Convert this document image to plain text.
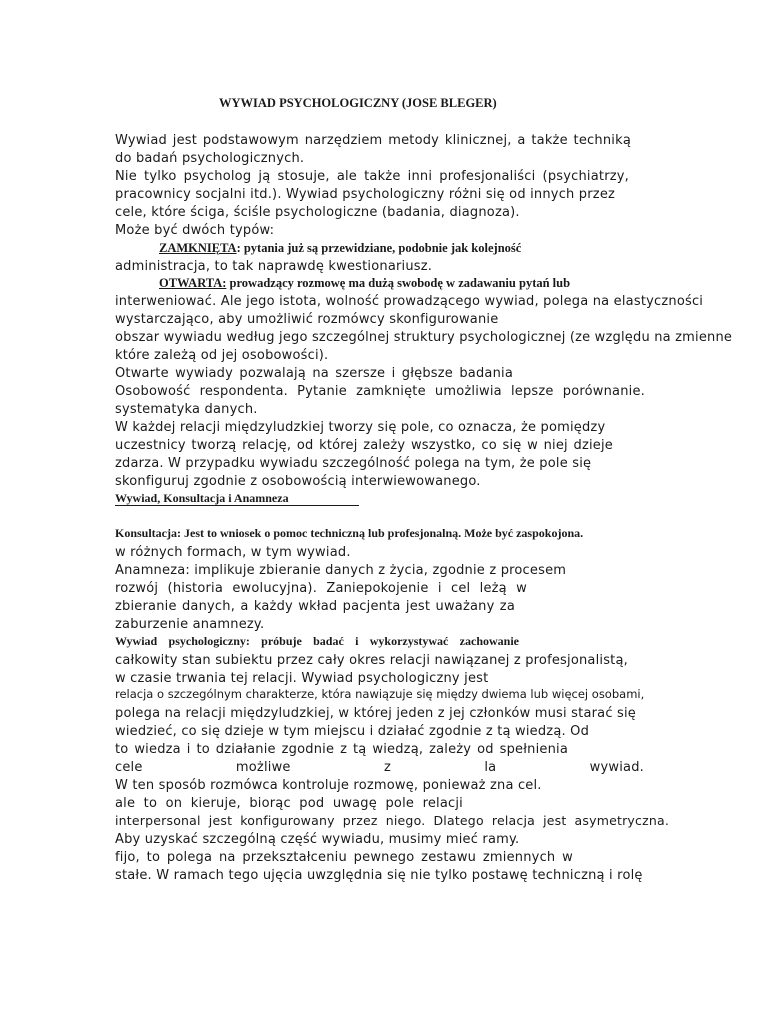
WYWIAD PSYCHOLOGICZNY (JOSE BLEGER)
Wywiad jest podstawowym narzędziem metody klinicznej, a także techniką
do badań psychologicznych.
Nie tylko psycholog ją stosuje, ale także inni profesjonaliści (psychiatrzy,
pracownicy socjalni itd.). Wywiad psychologiczny różni się od innych przez
cele, które ściga, ściśle psychologiczne (badania, diagnoza).
Może być dwóch typów:
ZAMKNIĘTA: pytania już są przewidziane, podobnie jak kolejność
administracja, to tak naprawdę kwestionariusz.
OTWARTA: prowadzący rozmowę ma dużą swobodę w zadawaniu pytań lub
interweniować. Ale jego istota, wolność prowadzącego wywiad, polega na elastyczności
wystarczająco, aby umożliwić rozmówcy skonfigurowanie
obszar wywiadu według jego szczególnej struktury psychologicznej (ze względu na zmienne
które zależą od jej osobowości).
Otwarte wywiady pozwalają na szersze i głębsze badania
Osobowość respondenta. Pytanie zamknięte umożliwia lepsze porównanie.
systematyka danych.
W każdej relacji międzyludzkiej tworzy się pole, co oznacza, że pomiędzy
uczestnicy tworzą relację, od której zależy wszystko, co się w niej dzieje
zdarza. W przypadku wywiadu szczególność polega na tym, że pole się
skonfiguruj zgodnie z osobowością interwiewowanego.
Wywiad, Konsultacja i Anamneza
Konsultacja: Jest to wniosek o pomoc techniczną lub profesjonalną. Może być zaspokojona.
w różnych formach, w tym wywiad.
Anamneza: implikuje zbieranie danych z życia, zgodnie z procesem
rozwój (historia ewolucyjna). Zaniepokojenie i cel leżą w
zbieranie danych, a każdy wkład pacjenta jest uważany za
zaburzenie anamnezy.
Wywiad psychologiczny: próbuje badać i wykorzystywać zachowanie
całkowity stan subiektu przez cały okres relacji nawiązanej z profesjonalistą,
w czasie trwania tej relacji. Wywiad psychologiczny jest
relacja o szczególnym charakterze, która nawiązuje się między dwiema lub więcej osobami,
polega na relacji międzyludzkiej, w której jeden z jej członków musi starać się
wiedzieć, co się dzieje w tym miejscu i działać zgodnie z tą wiedzą. Od
to wiedza i to działanie zgodnie z tą wiedzą, zależy od spełnienia
cele możliwe z la wywiad.
W ten sposób rozmówca kontroluje rozmowę, ponieważ zna cel.
ale to on kieruje, biorąc pod uwagę pole relacji
interpersonal jest konfigurowany przez niego. Dlatego relacja jest asymetryczna.
Aby uzyskać szczególną część wywiadu, musimy mieć ramy.
fijo, to polega na przekształceniu pewnego zestawu zmiennych w
stałe. W ramach tego ujęcia uwzględnia się nie tylko postawę techniczną i rolę
